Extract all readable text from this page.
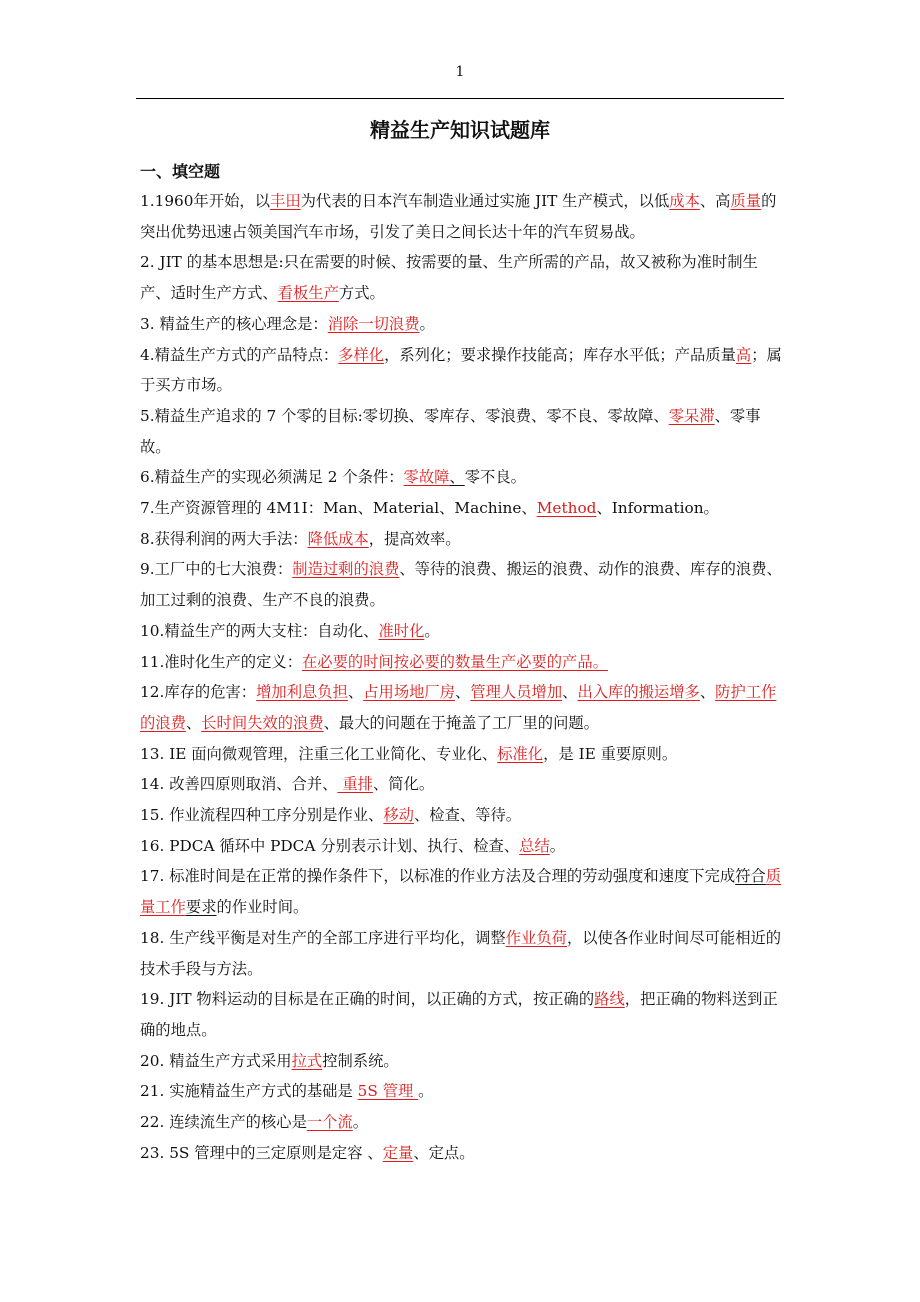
1
精益生产知识试题库
一、填空题

1.1960年开始，以丰田为代表的日本汽车制造业通过实施 JIT 生产模式，以低成本、高质量的突出优势迅速占领美国汽车市场，引发了美日之间长达十年的汽车贸易战。

2. JIT 的基本思想是:只在需要的时候、按需要的量、生产所需的产品，故又被称为准时制生产、适时生产方式、看板生产方式。

3. 精益生产的核心理念是：消除一切浪费。

4.精益生产方式的产品特点：多样化，系列化；要求操作技能高；库存水平低；产品质量高；属于买方市场。

5.精益生产追求的 7 个零的目标:零切换、零库存、零浪费、零不良、零故障、零呆滞、零事故。

6.精益生产的实现必须满足 2 个条件：零故障、零不良。

7.生产资源管理的 4M1I：Man、Material、Machine、Method、Information。

8.获得利润的两大手法：降低成本，提高效率。

9.工厂中的七大浪费：制造过剩的浪费、等待的浪费、搬运的浪费、动作的浪费、库存的浪费、加工过剩的浪费、生产不良的浪费。

10.精益生产的两大支柱：自动化、准时化。

11.准时化生产的定义：在必要的时间按必要的数量生产必要的产品。

12.库存的危害：增加利息负担、占用场地厂房、管理人员增加、出入库的搬运增多、防护工作的浪费、长时间失效的浪费、最大的问题在于掩盖了工厂里的问题。

13. IE 面向微观管理，注重三化工业简化、专业化、标准化，是 IE 重要原则。

14. 改善四原则取消、合并、 重排、简化。

15. 作业流程四种工序分别是作业、移动、检查、等待。

16. PDCA 循环中 PDCA 分别表示计划、执行、检查、总结。

17. 标准时间是在正常的操作条件下，以标准的作业方法及合理的劳动强度和速度下完成符合质量工作要求的作业时间。

18. 生产线平衡是对生产的全部工序进行平均化，调整作业负荷，以使各作业时间尽可能相近的技术手段与方法。

19. JIT 物料运动的目标是在正确的时间，以正确的方式，按正确的路线，把正确的物料送到正确的地点。

20. 精益生产方式采用拉式控制系统。

21. 实施精益生产方式的基础是 5S 管理 。

22. 连续流生产的核心是一个流。

23. 5S 管理中的三定原则是定容 、定量、定点。
